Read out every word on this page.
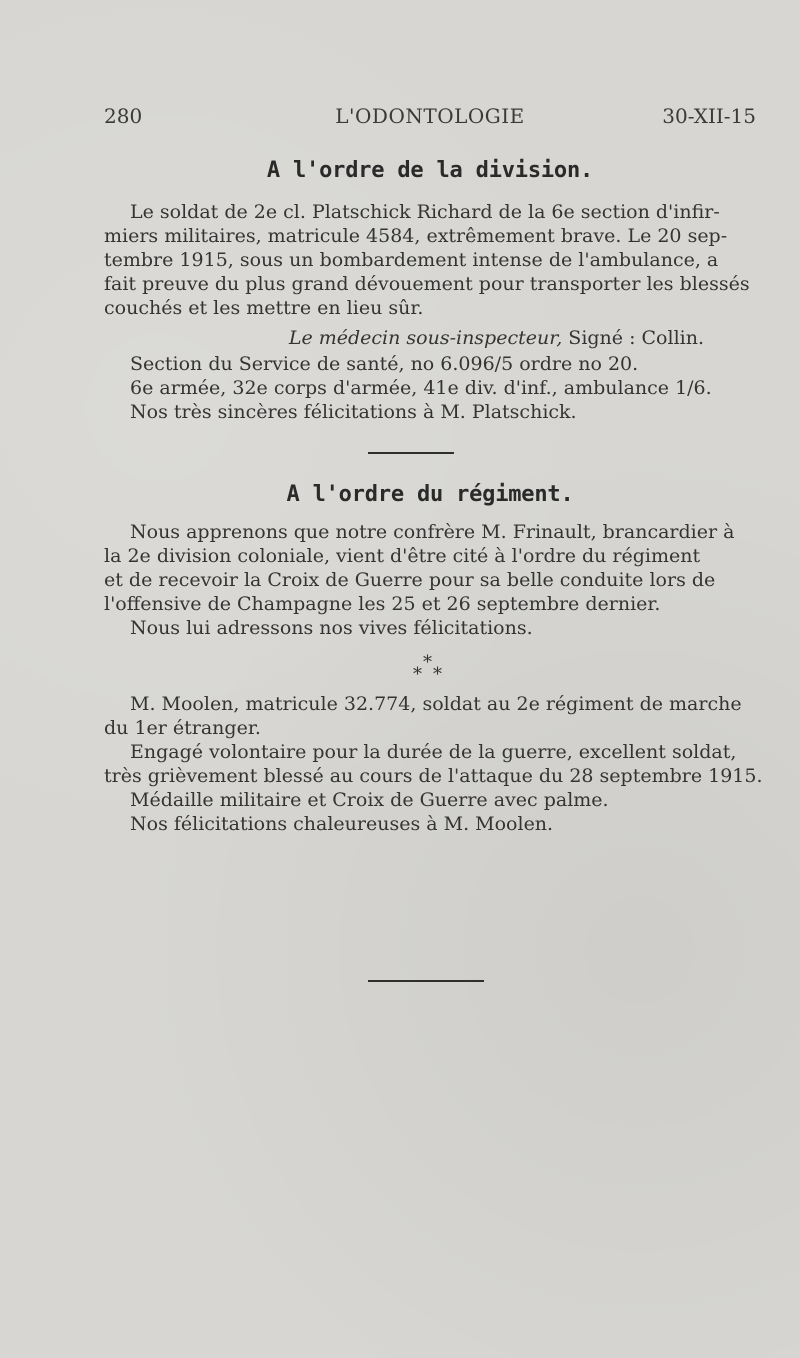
280	L'ODONTOLOGIE	30-XII-15
A l'ordre de la division.
Le soldat de 2e cl. Platschick Richard de la 6e section d'infir-
miers militaires, matricule 4584, extrêmement brave. Le 20 sep-
tembre 1915, sous un bombardement intense de l'ambulance, a
fait preuve du plus grand dévouement pour transporter les blessés
couchés et les mettre en lieu sûr.
Le médecin sous-inspecteur, Signé : Collin.
Section du Service de santé, no 6.096/5 ordre no 20.
6e armée, 32e corps d'armée, 41e div. d'inf., ambulance 1/6.
Nos très sincères félicitations à M. Platschick.
A l'ordre du régiment.
Nous apprenons que notre confrère M. Frinault, brancardier à
la 2e division coloniale, vient d'être cité à l'ordre du régiment
et de recevoir la Croix de Guerre pour sa belle conduite lors de
l'offensive de Champagne les 25 et 26 septembre dernier.
Nous lui adressons nos vives félicitations.
*
* *
M. Moolen, matricule 32.774, soldat au 2e régiment de marche
du 1er étranger.
Engagé volontaire pour la durée de la guerre, excellent soldat,
très grièvement blessé au cours de l'attaque du 28 septembre 1915.
Médaille militaire et Croix de Guerre avec palme.
Nos félicitations chaleureuses à M. Moolen.
